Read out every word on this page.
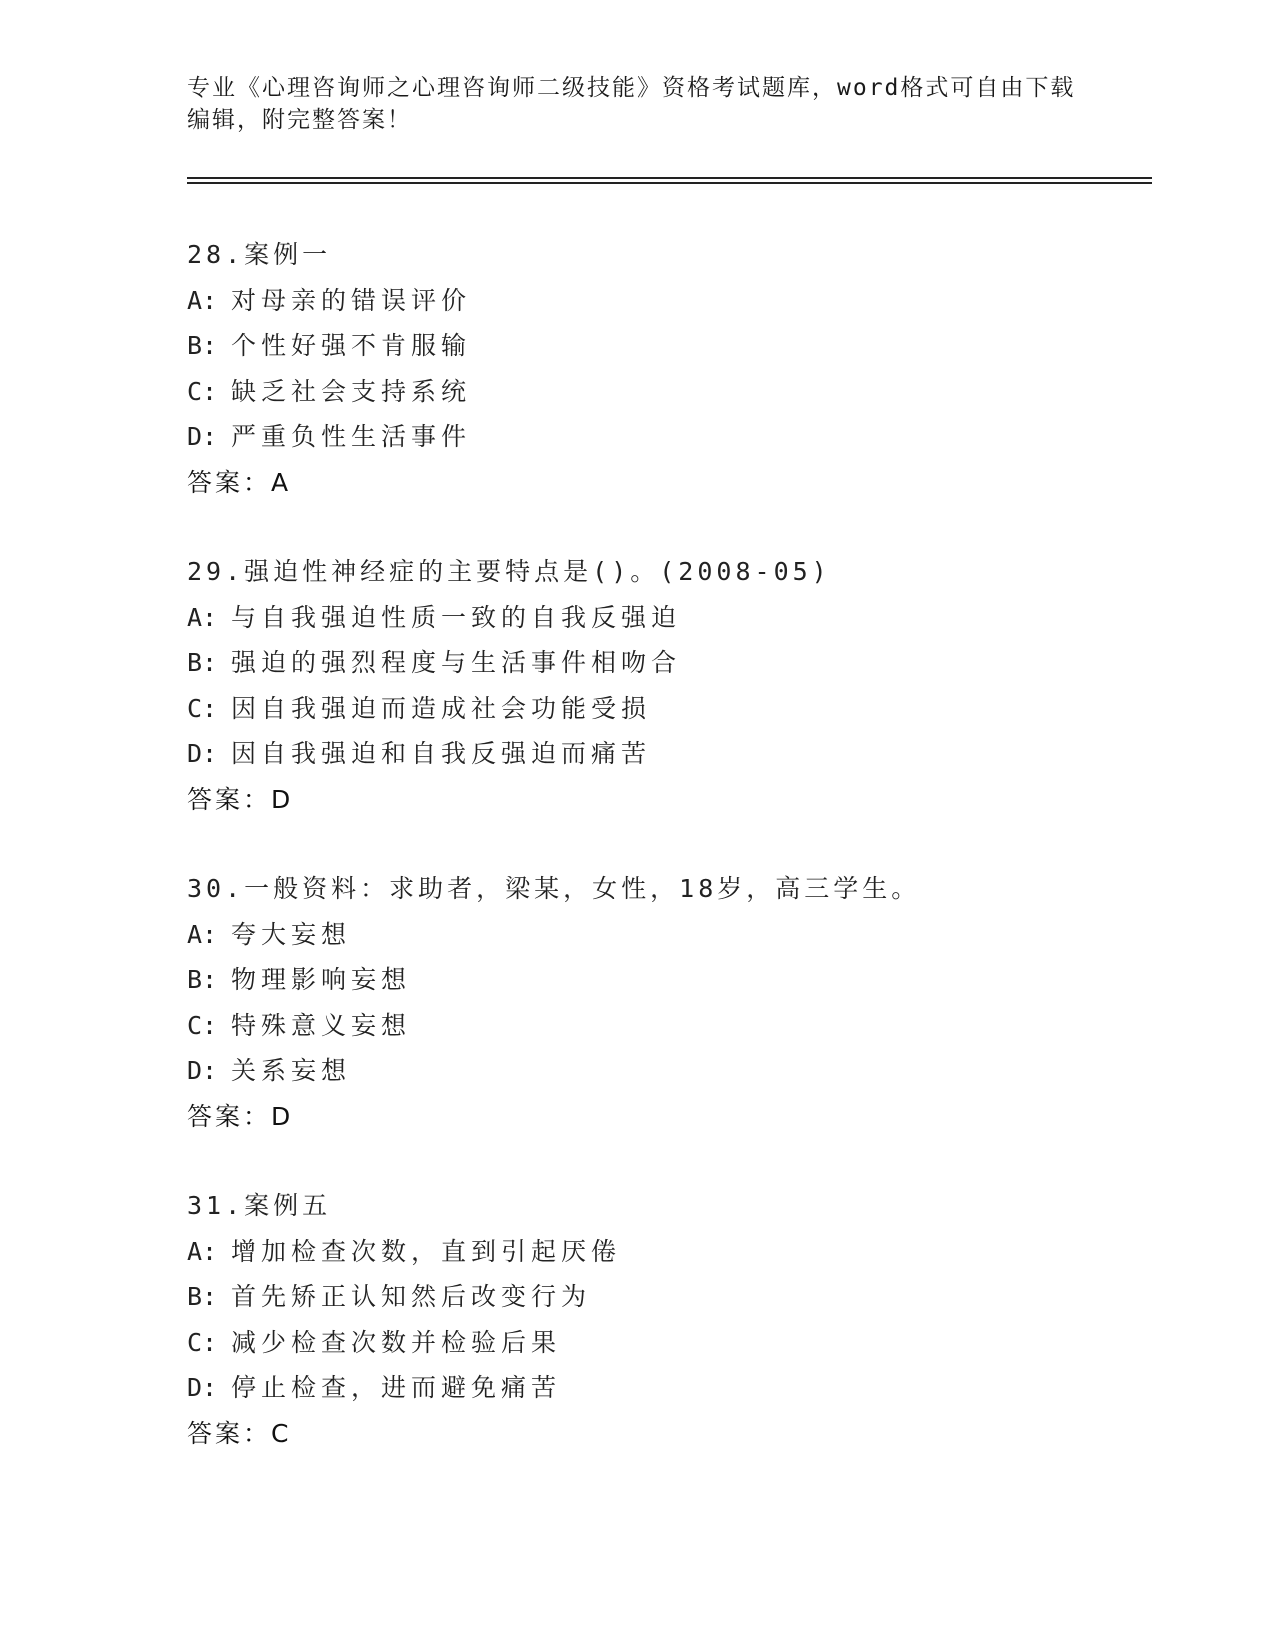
专业《心理咨询师之心理咨询师二级技能》资格考试题库，word格式可自由下载
编辑，附完整答案！
28.案例一
A: 对母亲的错误评价
B: 个性好强不肯服输
C: 缺乏社会支持系统
D: 严重负性生活事件
答案：A
29.强迫性神经症的主要特点是()。(2008-05)
A: 与自我强迫性质一致的自我反强迫
B: 强迫的强烈程度与生活事件相吻合
C: 因自我强迫而造成社会功能受损
D: 因自我强迫和自我反强迫而痛苦
答案：D
30.一般资料：求助者，梁某，女性，18岁，高三学生。
A: 夸大妄想
B: 物理影响妄想
C: 特殊意义妄想
D: 关系妄想
答案：D
31.案例五
A: 增加检查次数，直到引起厌倦
B: 首先矫正认知然后改变行为
C: 减少检查次数并检验后果
D: 停止检查，进而避免痛苦
答案：C
